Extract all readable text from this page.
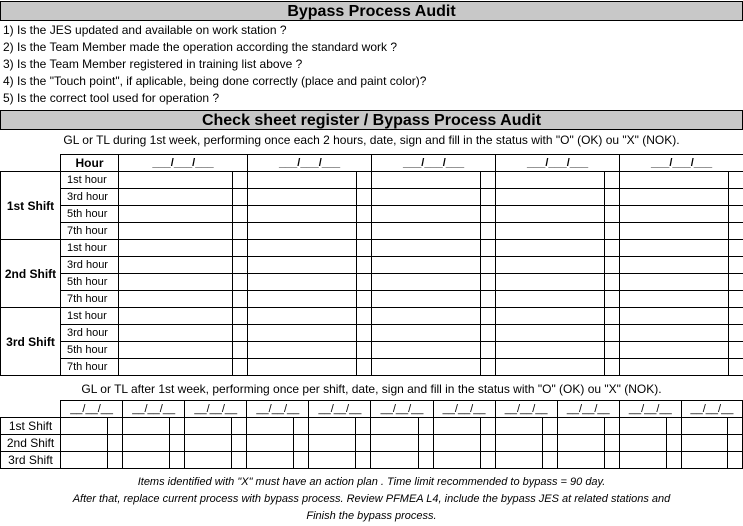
Bypass Process Audit
1) Is the JES updated and available on work station ?
2) Is the Team Member made the operation according the standard work ?
3) Is the Team Member registered in training list above ?
4) Is the "Touch point", if aplicable, being done correctly (place and paint color)?
5) Is the correct tool used for operation ?
Check sheet register / Bypass Process Audit
GL or TL during 1st week, performing once each 2 hours, date, sign and fill in the status with "O" (OK) ou "X" (NOK).
	Hour	___/___/___		___/___/___		___/___/___		___/___/___		___/___/___	
1st Shift	1st hour										
	3rd hour										
	5th hour										
	7th hour										
2nd Shift	1st hour										
	3rd hour										
	5th hour										
	7th hour										
3rd Shift	1st hour										
	3rd hour										
	5th hour										
	7th hour										
GL or TL after 1st week, performing once per shift, date, sign and fill in the status with "O" (OK) ou "X" (NOK).
	__/__/__		__/__/__		__/__/__		__/__/__		__/__/__		__/__/__		__/__/__		__/__/__		__/__/__		__/__/__		__/__/__	
1st Shift																						
2nd Shift																						
3rd Shift																						
Items identified with "X" must have an action plan . Time limit recommended to bypass = 90 day.
After that, replace current process with bypass process. Review PFMEA L4, include the bypass JES at related stations and
Finish the bypass process.
